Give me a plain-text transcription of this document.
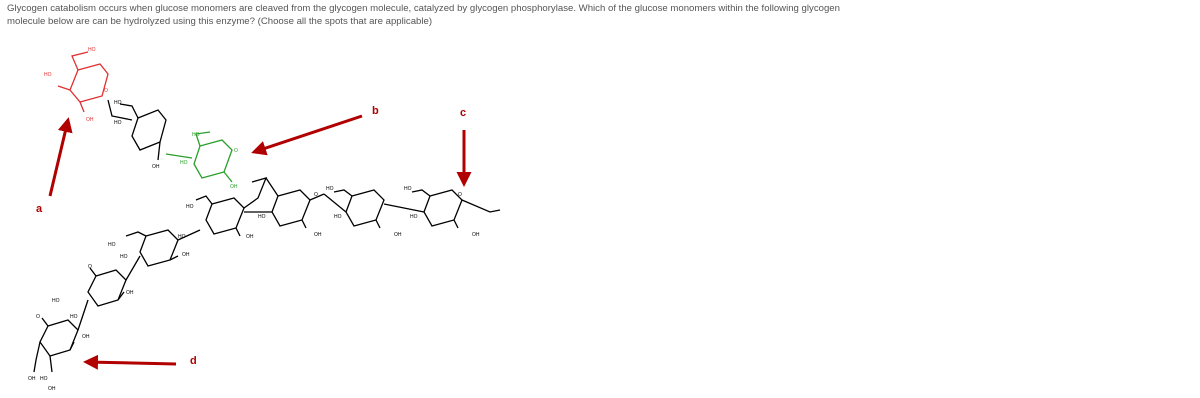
Glycogen catabolism occurs when glucose monomers are cleaved from the glycogen molecule, catalyzed by glycogen phosphorylase. Which of the glucose monomers within the following glycogen
molecule below are can be hydrolyzed using this enzyme? (Choose all the spots that are applicable)
HO
HO
OH
O
HO
HO
OH
HO
HO
OH
O
HO
OH
HO
OH
O
HO
HO
OH
HO
HO
OH
O
HO
OH
HO
O
HO
OH
HO
O	HO
OH
OH HO
OH
a
b	c
d
